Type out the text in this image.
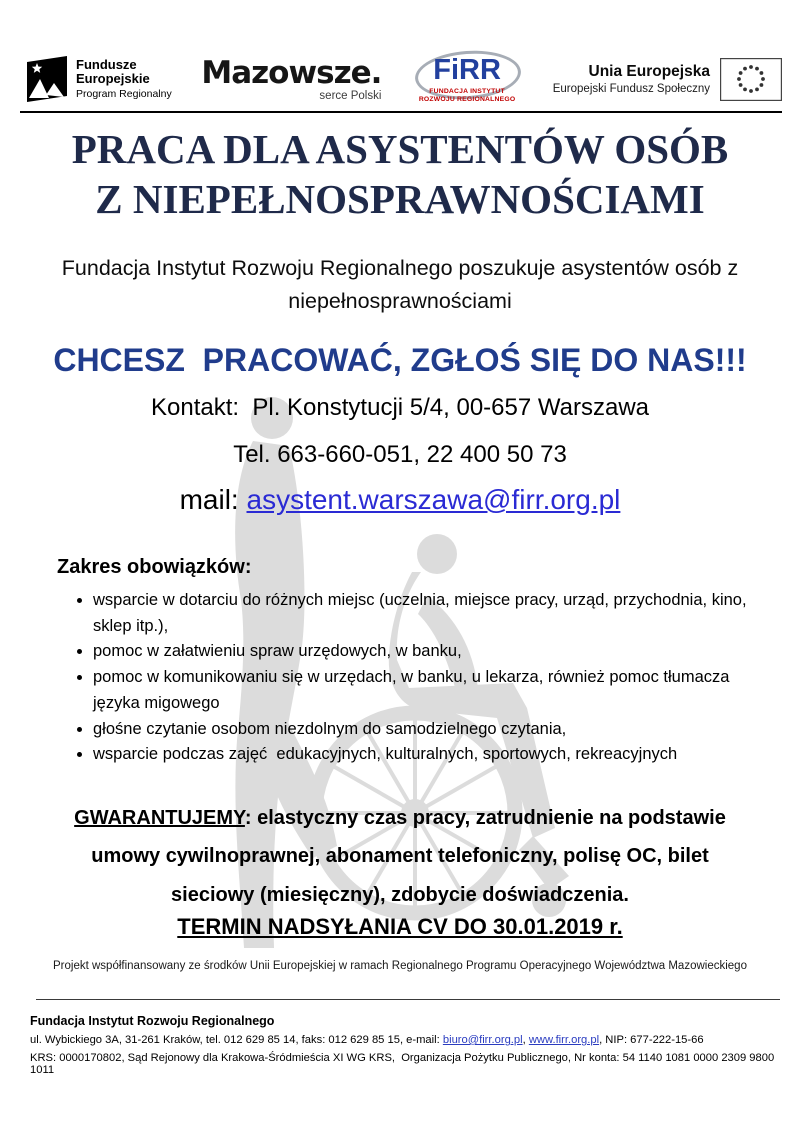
Fundusze
Europejskie
Program Regionalny
Mazowsze.
serce Polski
FiRR
FUNDACJA INSTYTUT
ROZWOJU REGIONALNEGO
Unia Europejska
Europejski Fundusz Społeczny
PRACA DLA ASYSTENTÓW OSÓB
Z NIEPEŁNOSPRAWNOŚCIAMI
Fundacja Instytut Rozwoju Regionalnego poszukuje asystentów osób z niepełnosprawnościami
CHCESZ  PRACOWAĆ, ZGŁOŚ SIĘ DO NAS!!!
Kontakt:  Pl. Konstytucji 5/4, 00-657 Warszawa
Tel. 663-660-051, 22 400 50 73
mail: asystent.warszawa@firr.org.pl
Zakres obowiązków:
• wsparcie w dotarciu do różnych miejsc (uczelnia, miejsce pracy, urząd, przychodnia, kino, sklep itp.),
• pomoc w załatwieniu spraw urzędowych, w banku,
• pomoc w komunikowaniu się w urzędach, w banku, u lekarza, również pomoc tłumacza języka migowego
• głośne czytanie osobom niezdolnym do samodzielnego czytania,
• wsparcie podczas zajęć  edukacyjnych, kulturalnych, sportowych, rekreacyjnych
GWARANTUJEMY: elastyczny czas pracy, zatrudnienie na podstawie umowy cywilnoprawnej, abonament telefoniczny, polisę OC, bilet sieciowy (miesięczny), zdobycie doświadczenia.
TERMIN NADSYŁANIA CV DO 30.01.2019 r.
Projekt współfinansowany ze środków Unii Europejskiej w ramach Regionalnego Programu Operacyjnego Województwa Mazowieckiego
Fundacja Instytut Rozwoju Regionalnego
ul. Wybickiego 3A, 31-261 Kraków, tel. 012 629 85 14, faks: 012 629 85 15, e-mail: biuro@firr.org.pl, www.firr.org.pl, NIP: 677-222-15-66
KRS: 0000170802, Sąd Rejonowy dla Krakowa-Śródmieścia XI WG KRS,  Organizacja Pożytku Publicznego, Nr konta: 54 1140 1081 0000 2309 9800 1011
